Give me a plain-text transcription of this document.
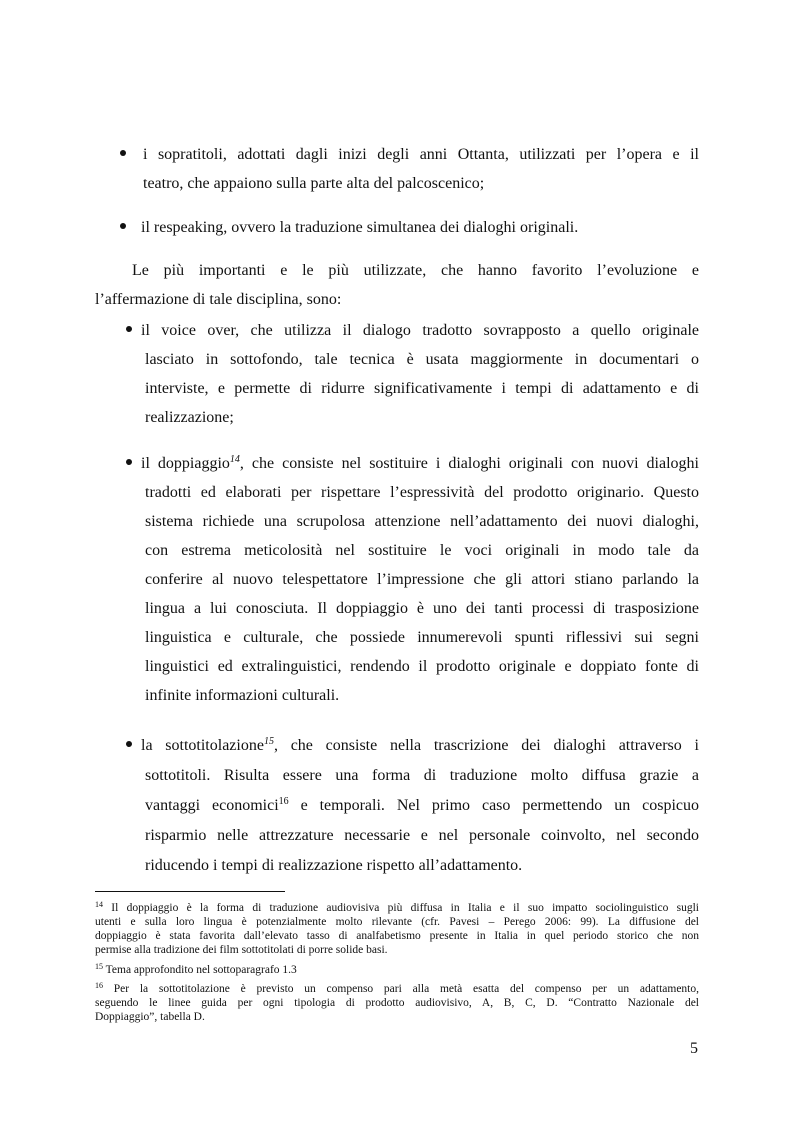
i sopratitoli, adottati dagli inizi degli anni Ottanta, utilizzati per l’opera e il
teatro, che appaiono sulla parte alta del palcoscenico;
il respeaking, ovvero la traduzione simultanea dei dialoghi originali.
Le più importanti e le più utilizzate, che hanno favorito l’evoluzione e
l’affermazione di tale disciplina, sono:
il voice over, che utilizza il dialogo tradotto sovrapposto a quello originale
lasciato in sottofondo, tale tecnica è usata maggiormente in documentari o
interviste, e permette di ridurre significativamente i tempi di adattamento e di
realizzazione;
il doppiaggio$^{14}$, che consiste nel sostituire i dialoghi originali con nuovi dialoghi
tradotti ed elaborati per rispettare l’espressività del prodotto originario. Questo
sistema richiede una scrupolosa attenzione nell’adattamento dei nuovi dialoghi,
con estrema meticolosità nel sostituire le voci originali in modo tale da
conferire al nuovo telespettatore l’impressione che gli attori stiano parlando la
lingua a lui conosciuta. Il doppiaggio è uno dei tanti processi di trasposizione
linguistica e culturale, che possiede innumerevoli spunti riflessivi sui segni
linguistici ed extralinguistici, rendendo il prodotto originale e doppiato fonte di
infinite informazioni culturali.
la sottotitolazione$^{15}$, che consiste nella trascrizione dei dialoghi attraverso i
sottotitoli. Risulta essere una forma di traduzione molto diffusa grazie a
vantaggi economici$^{16}$ e temporali. Nel primo caso permettendo un cospicuo
risparmio nelle attrezzature necessarie e nel personale coinvolto, nel secondo
riducendo i tempi di realizzazione rispetto all’adattamento.
$^{14}$ Il doppiaggio è la forma di traduzione audiovisiva più diffusa in Italia e il suo impatto sociolinguistico sugli
utenti e sulla loro lingua è potenzialmente molto rilevante (cfr. Pavesi – Perego 2006: 99). La diffusione del
doppiaggio è stata favorita dall’elevato tasso di analfabetismo presente in Italia in quel periodo storico che non
permise alla tradizione dei film sottotitolati di porre solide basi.
$^{15}$ Tema approfondito nel sottoparagrafo 1.3
$^{16}$ Per la sottotitolazione è previsto un compenso pari alla metà esatta del compenso per un adattamento,
seguendo le linee guida per ogni tipologia di prodotto audiovisivo, A, B, C, D. “Contratto Nazionale del
Doppiaggio”, tabella D.
5
